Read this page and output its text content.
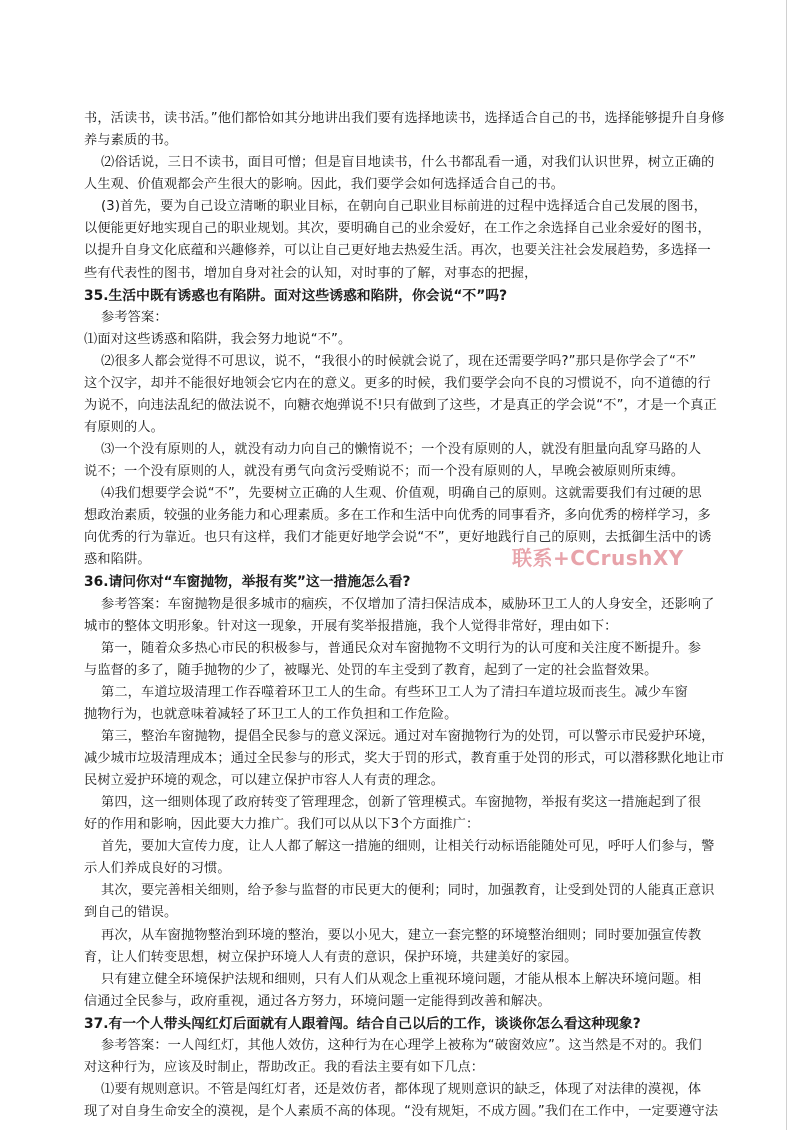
书，活读书，读书活。”他们都恰如其分地讲出我们要有选择地读书，选择适合自己的书，选择能够提升自身修
养与素质的书。
⑵俗话说，三日不读书，面目可憎；但是盲目地读书，什么书都乱看一通，对我们认识世界，树立正确的
人生观、价值观都会产生很大的影响。因此，我们要学会如何选择适合自己的书。
(3)首先，要为自己设立清晰的职业目标，在朝向自己职业目标前进的过程中选择适合自己发展的图书，
以便能更好地实现自己的职业规划。其次，要明确自己的业余爱好，在工作之余选择自己业余爱好的图书，
以提升自身文化底蕴和兴趣修养，可以让自己更好地去热爱生活。再次，也要关注社会发展趋势，多选择一
些有代表性的图书，增加自身对社会的认知，对时事的了解，对事态的把握，
35.生活中既有诱惑也有陷阱。面对这些诱惑和陷阱，你会说“不”吗?
参考答案：
⑴面对这些诱惑和陷阱，我会努力地说“不”。
⑵很多人都会觉得不可思议，说不，“我很小的时候就会说了，现在还需要学吗?”那只是你学会了“不”
这个汉字，却并不能很好地领会它内在的意义。更多的时候，我们要学会向不良的习惯说不，向不道德的行
为说不，向违法乱纪的做法说不，向糖衣炮弹说不!只有做到了这些，才是真正的学会说“不”，才是一个真正
有原则的人。
⑶一个没有原则的人，就没有动力向自己的懒惰说不；一个没有原则的人，就没有胆量向乱穿马路的人
说不；一个没有原则的人，就没有勇气向贪污受贿说不；而一个没有原则的人，早晚会被原则所束缚。
⑷我们想要学会说“不”，先要树立正确的人生观、价值观，明确自己的原则。这就需要我们有过硬的思
想政治素质，较强的业务能力和心理素质。多在工作和生活中向优秀的同事看齐，多向优秀的榜样学习，多
向优秀的行为靠近。也只有这样，我们才能更好地学会说“不”，更好地践行自己的原则，去抵御生活中的诱
惑和陷阱。
36.请问你对“车窗抛物，举报有奖”这一措施怎么看?
参考答案：车窗抛物是很多城市的痼疾，不仅增加了清扫保洁成本，威胁环卫工人的人身安全，还影响了
城市的整体文明形象。针对这一现象，开展有奖举报措施，我个人觉得非常好，理由如下：
第一，随着众多热心市民的积极参与，普通民众对车窗抛物不文明行为的认可度和关注度不断提升。参
与监督的多了，随手抛物的少了，被曝光、处罚的车主受到了教育，起到了一定的社会监督效果。
第二，车道垃圾清理工作吞噬着环卫工人的生命。有些环卫工人为了清扫车道垃圾而丧生。减少车窗
抛物行为，也就意味着减轻了环卫工人的工作负担和工作危险。
第三，整治车窗抛物，提倡全民参与的意义深远。通过对车窗抛物行为的处罚，可以警示市民爱护环境，
减少城市垃圾清理成本；通过全民参与的形式，奖大于罚的形式，教育重于处罚的形式，可以潜移默化地让市
民树立爱护环境的观念，可以建立保护市容人人有责的理念。
第四，这一细则体现了政府转变了管理理念，创新了管理模式。车窗抛物，举报有奖这一措施起到了很
好的作用和影响，因此要大力推广。我们可以从以下3个方面推广：
首先，要加大宣传力度，让人人都了解这一措施的细则，让相关行动标语能随处可见，呼吁人们参与，警
示人们养成良好的习惯。
其次，要完善相关细则，给予参与监督的市民更大的便利；同时，加强教育，让受到处罚的人能真正意识
到自己的错误。
再次，从车窗抛物整治到环境的整治，要以小见大，建立一套完整的环境整治细则；同时要加强宣传教
育，让人们转变思想，树立保护环境人人有责的意识，保护环境，共建美好的家园。
只有建立健全环境保护法规和细则，只有人们从观念上重视环境问题，才能从根本上解决环境问题。相
信通过全民参与，政府重视，通过各方努力，环境问题一定能得到改善和解决。
37.有一个人带头闯红灯后面就有人跟着闯。结合自己以后的工作，谈谈你怎么看这种现象?
参考答案：一人闯红灯，其他人效仿，这种行为在心理学上被称为“破窗效应”。这当然是不对的。我们
对这种行为，应该及时制止，帮助改正。我的看法主要有如下几点：
⑴要有规则意识。不管是闯红灯者，还是效仿者，都体现了规则意识的缺乏，体现了对法律的漠视，体
现了对自身生命安全的漠视，是个人素质不高的体现。“没有规矩，不成方圆。”我们在工作中，一定要遵守法
联系+CCrushXY
